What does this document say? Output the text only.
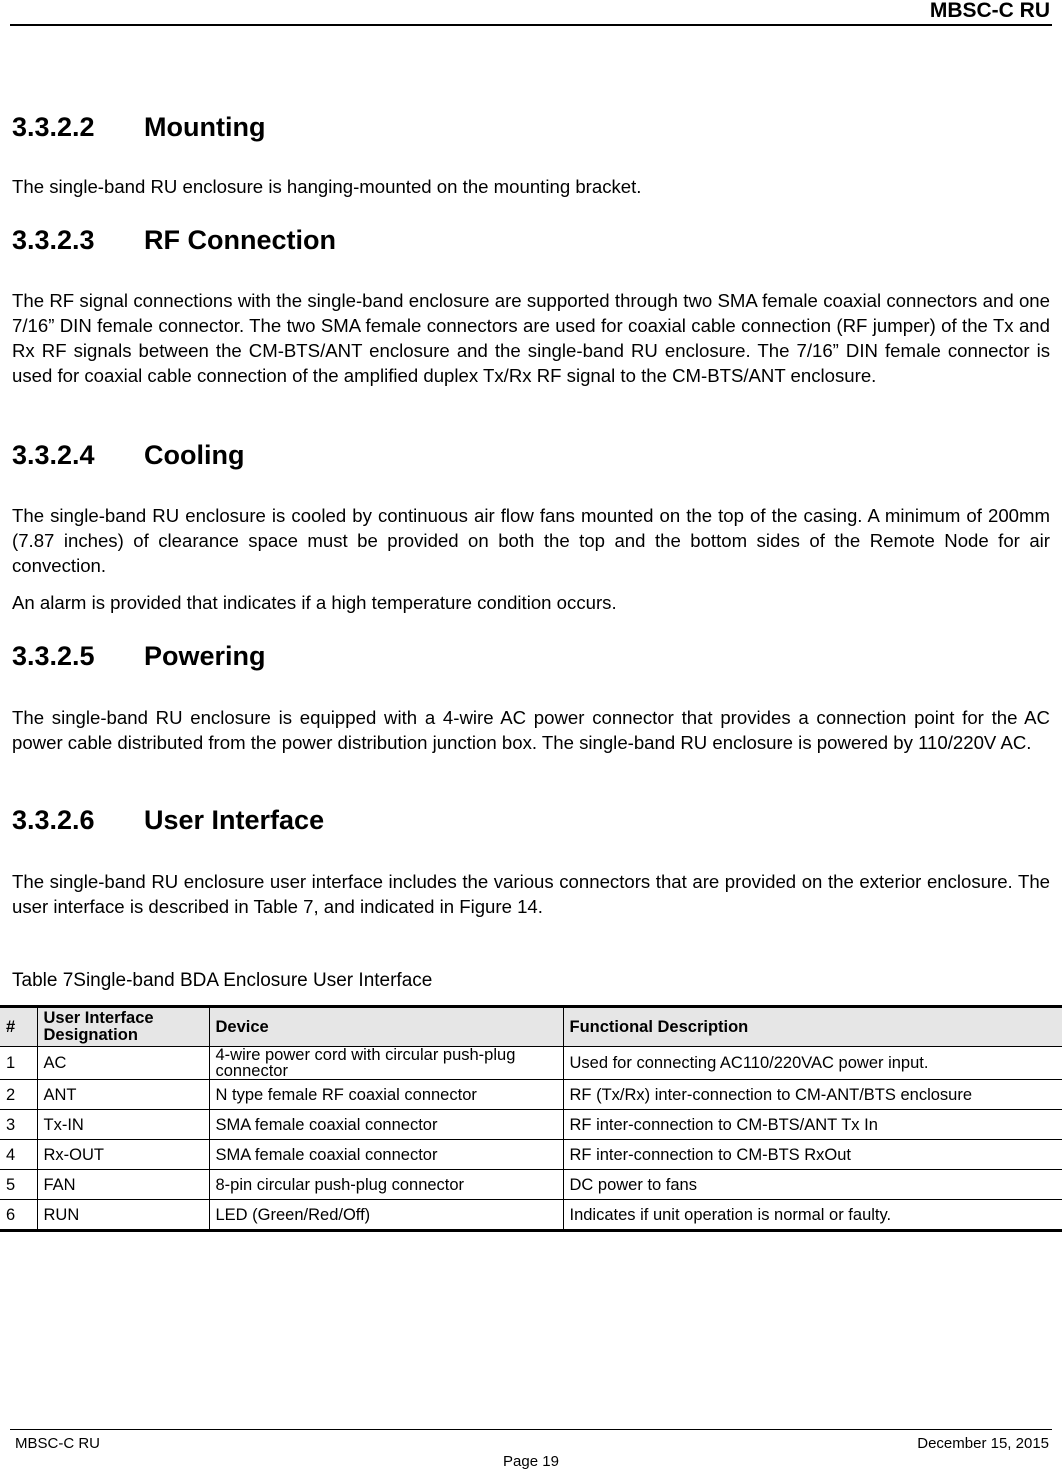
MBSC-C RU
3.3.2.2 Mounting

The single-band RU enclosure is hanging-mounted on the mounting bracket.

3.3.2.3 RF Connection

The RF signal connections with the single-band enclosure are supported through two SMA female coaxial connectors and one 7/16” DIN female connector. The two SMA female connectors are used for coaxial cable connection (RF jumper) of the Tx and Rx RF signals between the CM-BTS/ANT enclosure and the single-band RU enclosure. The 7/16” DIN female connector is used for coaxial cable connection of the amplified duplex Tx/Rx RF signal to the CM-BTS/ANT enclosure.

3.3.2.4 Cooling

The single-band RU enclosure is cooled by continuous air flow fans mounted on the top of the casing. A minimum of 200mm (7.87 inches) of clearance space must be provided on both the top and the bottom sides of the Remote Node for air convection.

An alarm is provided that indicates if a high temperature condition occurs.

3.3.2.5 Powering

The single-band RU enclosure is equipped with a 4-wire AC power connector that provides a connection point for the AC power cable distributed from the power distribution junction box. The single-band RU enclosure is powered by 110/220V AC.

3.3.2.6 User Interface

The single-band RU enclosure user interface includes the various connectors that are provided on the exterior enclosure. The user interface is described in Table 7, and indicated in Figure 14.

Table 7Single-band BDA Enclosure User Interface
#	User Interface Designation	Device	Functional Description
1	AC	4-wire power cord with circular push-plug connector	Used for connecting AC110/220VAC power input.
2	ANT	N type female RF coaxial connector	RF (Tx/Rx) inter-connection to CM-ANT/BTS enclosure
3	Tx-IN	SMA female coaxial connector	RF inter-connection to CM-BTS/ANT Tx In
4	Rx-OUT	SMA female coaxial connector	RF inter-connection to CM-BTS RxOut
5	FAN	8-pin circular push-plug connector	DC power to fans
6	RUN	LED (Green/Red/Off)	Indicates if unit operation is normal or faulty.
MBSC-C RU	December 15, 2015
Page 19
